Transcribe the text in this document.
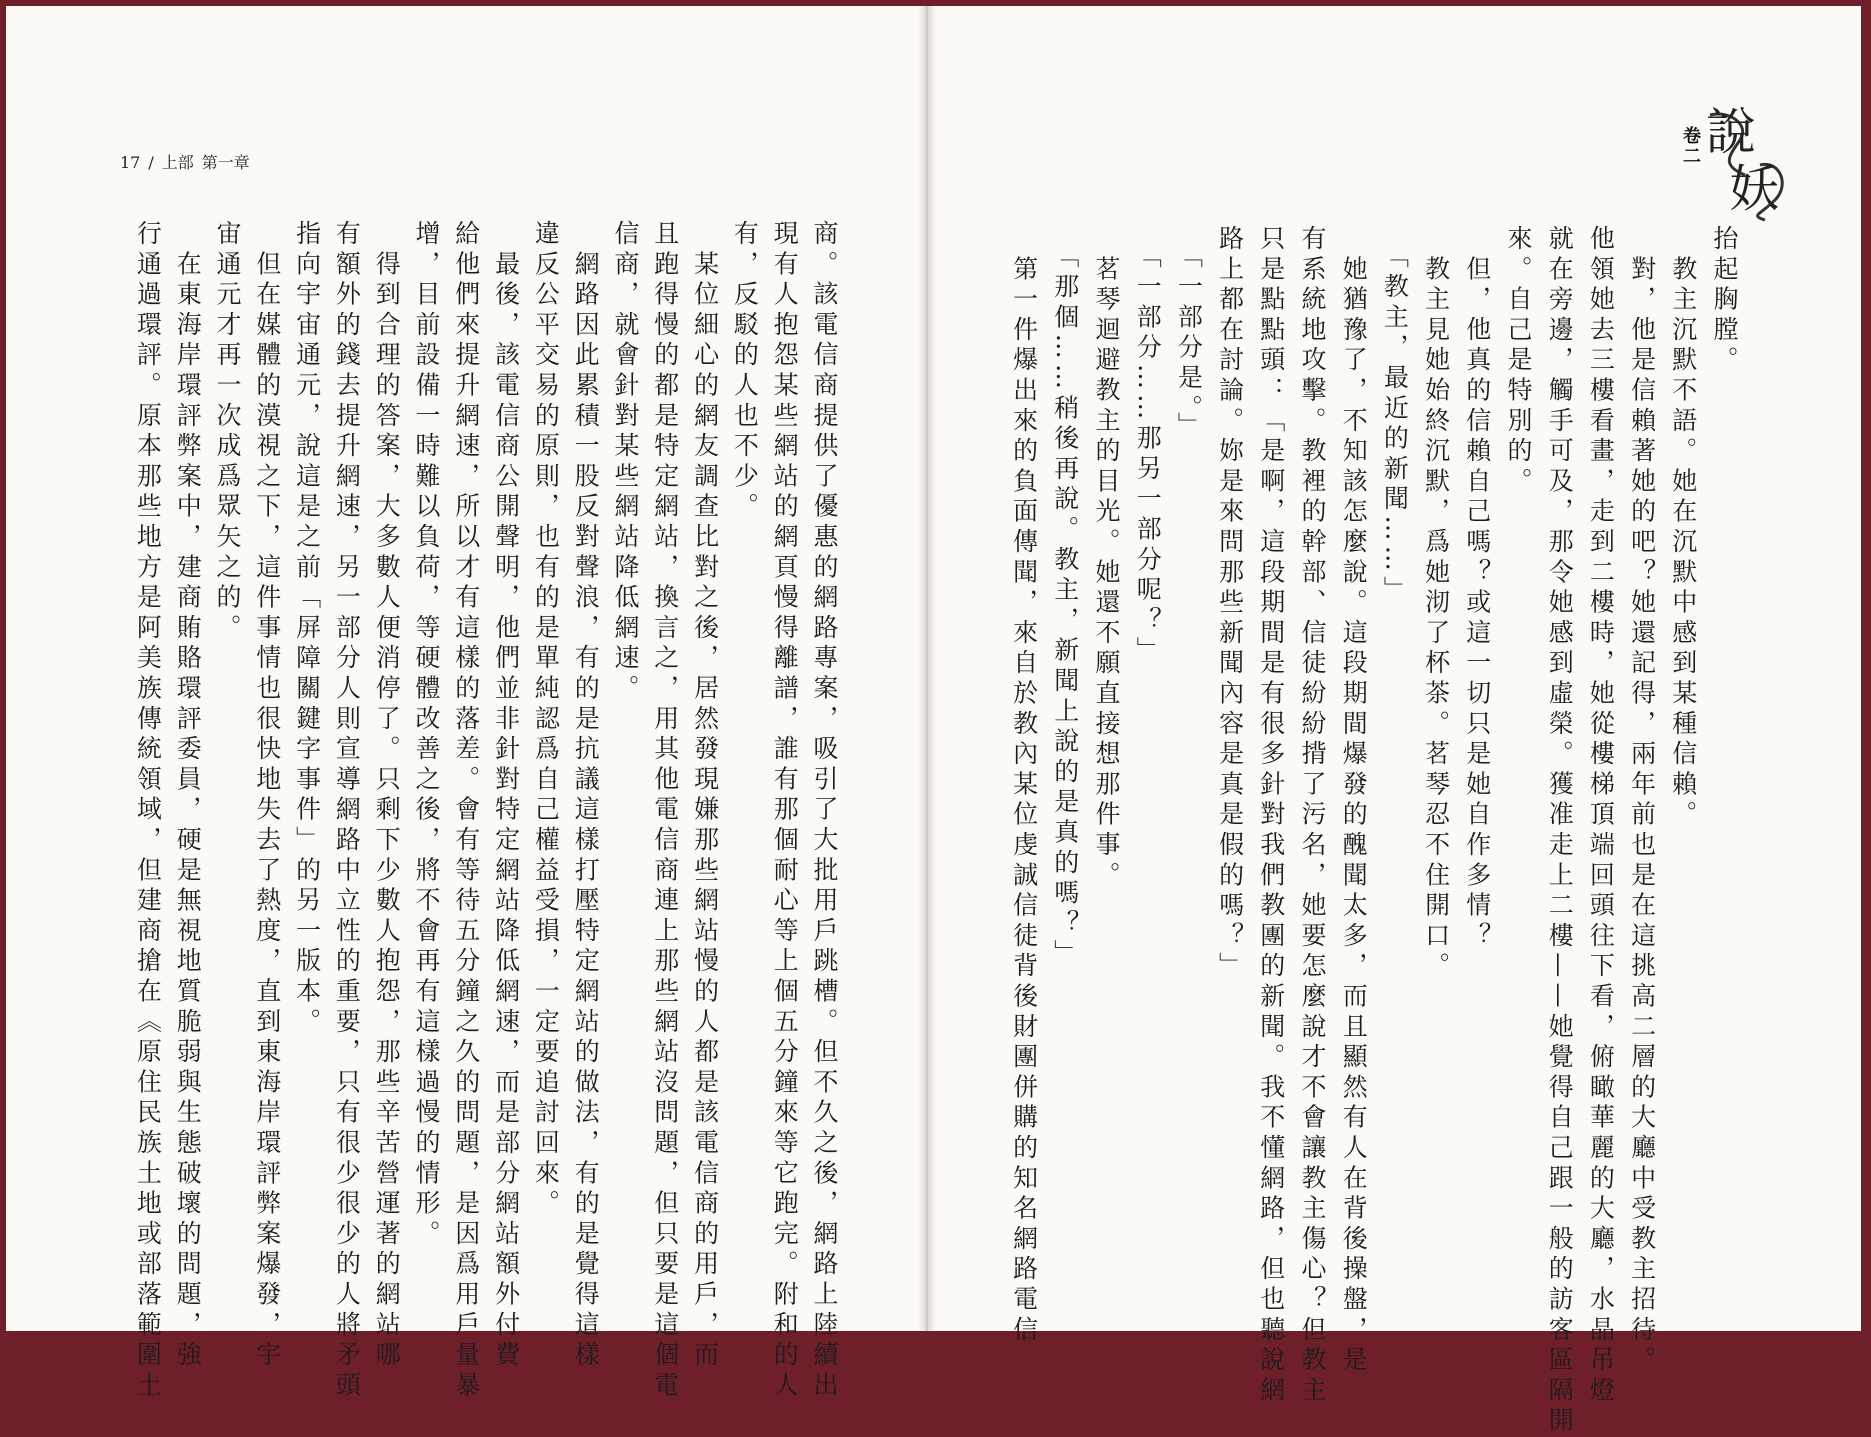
17 / 上部 第一章
商。該電信商提供了優惠的網路專案，吸引了大批用戶跳槽。但不久之後，網路上陸續出
現有人抱怨某些網站的網頁慢得離譜，誰有那個耐心等上個五分鐘來等它跑完。附和的人
有，反駁的人也不少。
　某位細心的網友調查比對之後，居然發現嫌那些網站慢的人都是該電信商的用戶，而
且跑得慢的都是特定網站，換言之，用其他電信商連上那些網站沒問題，但只要是這個電
信商，就會針對某些網站降低網速。
　網路因此累積一股反對聲浪，有的是抗議這樣打壓特定網站的做法，有的是覺得這樣
違反公平交易的原則，也有的是單純認爲自己權益受損，一定要追討回來。
　最後，該電信商公開聲明，他們並非針對特定網站降低網速，而是部分網站額外付費
給他們來提升網速，所以才有這樣的落差。會有等待五分鐘之久的問題，是因爲用戶量暴
增，目前設備一時難以負荷，等硬體改善之後，將不會再有這樣過慢的情形。
　得到合理的答案，大多數人便消停了。只剩下少數人抱怨，那些辛苦營運著的網站哪
有額外的錢去提升網速，另一部分人則宣導網路中立性的重要，只有很少很少的人將矛頭
指向宇宙通元，說這是之前「屏障關鍵字事件」的另一版本。
　但在媒體的漠視之下，這件事情也很快地失去了熱度，直到東海岸環評弊案爆發，宇
宙通元才再一次成爲眾矢之的。
　在東海岸環評弊案中，建商賄賂環評委員，硬是無視地質脆弱與生態破壞的問題，強
行通過環評。原本那些地方是阿美族傳統領域，但建商搶在《原住民族土地或部落範圍土	抬起胸膛。
　教主沉默不語。她在沉默中感到某種信賴。
　對，他是信賴著她的吧？她還記得，兩年前也是在這挑高二層的大廳中受教主招待。
他領她去三樓看畫，走到二樓時，她從樓梯頂端回頭往下看，俯瞰華麗的大廳，水晶吊燈
就在旁邊，觸手可及，那令她感到虛榮。獲准走上二樓——她覺得自己跟一般的訪客區隔開
來。自己是特別的。
　但，他真的信賴自己嗎？或這一切只是她自作多情？
　教主見她始終沉默，爲她沏了杯茶。茗琴忍不住開口。
　「教主，最近的新聞……」
　她猶豫了，不知該怎麼說。這段期間爆發的醜聞太多，而且顯然有人在背後操盤，是
有系統地攻擊。教裡的幹部、信徒紛紛揹了污名，她要怎麼說才不會讓教主傷心？但教主
只是點點頭：「是啊，這段期間是有很多針對我們教團的新聞。我不懂網路，但也聽說網
路上都在討論。妳是來問那些新聞內容是真是假的嗎？」
　「一部分是。」
　「一部分……那另一部分呢？」
　茗琴迴避教主的目光。她還不願直接想那件事。
　「那個……稍後再說。教主，新聞上說的是真的嗎？」
　第一件爆出來的負面傳聞，來自於教內某位虔誠信徒背後財團併購的知名網路電信
卷二
說
妖
